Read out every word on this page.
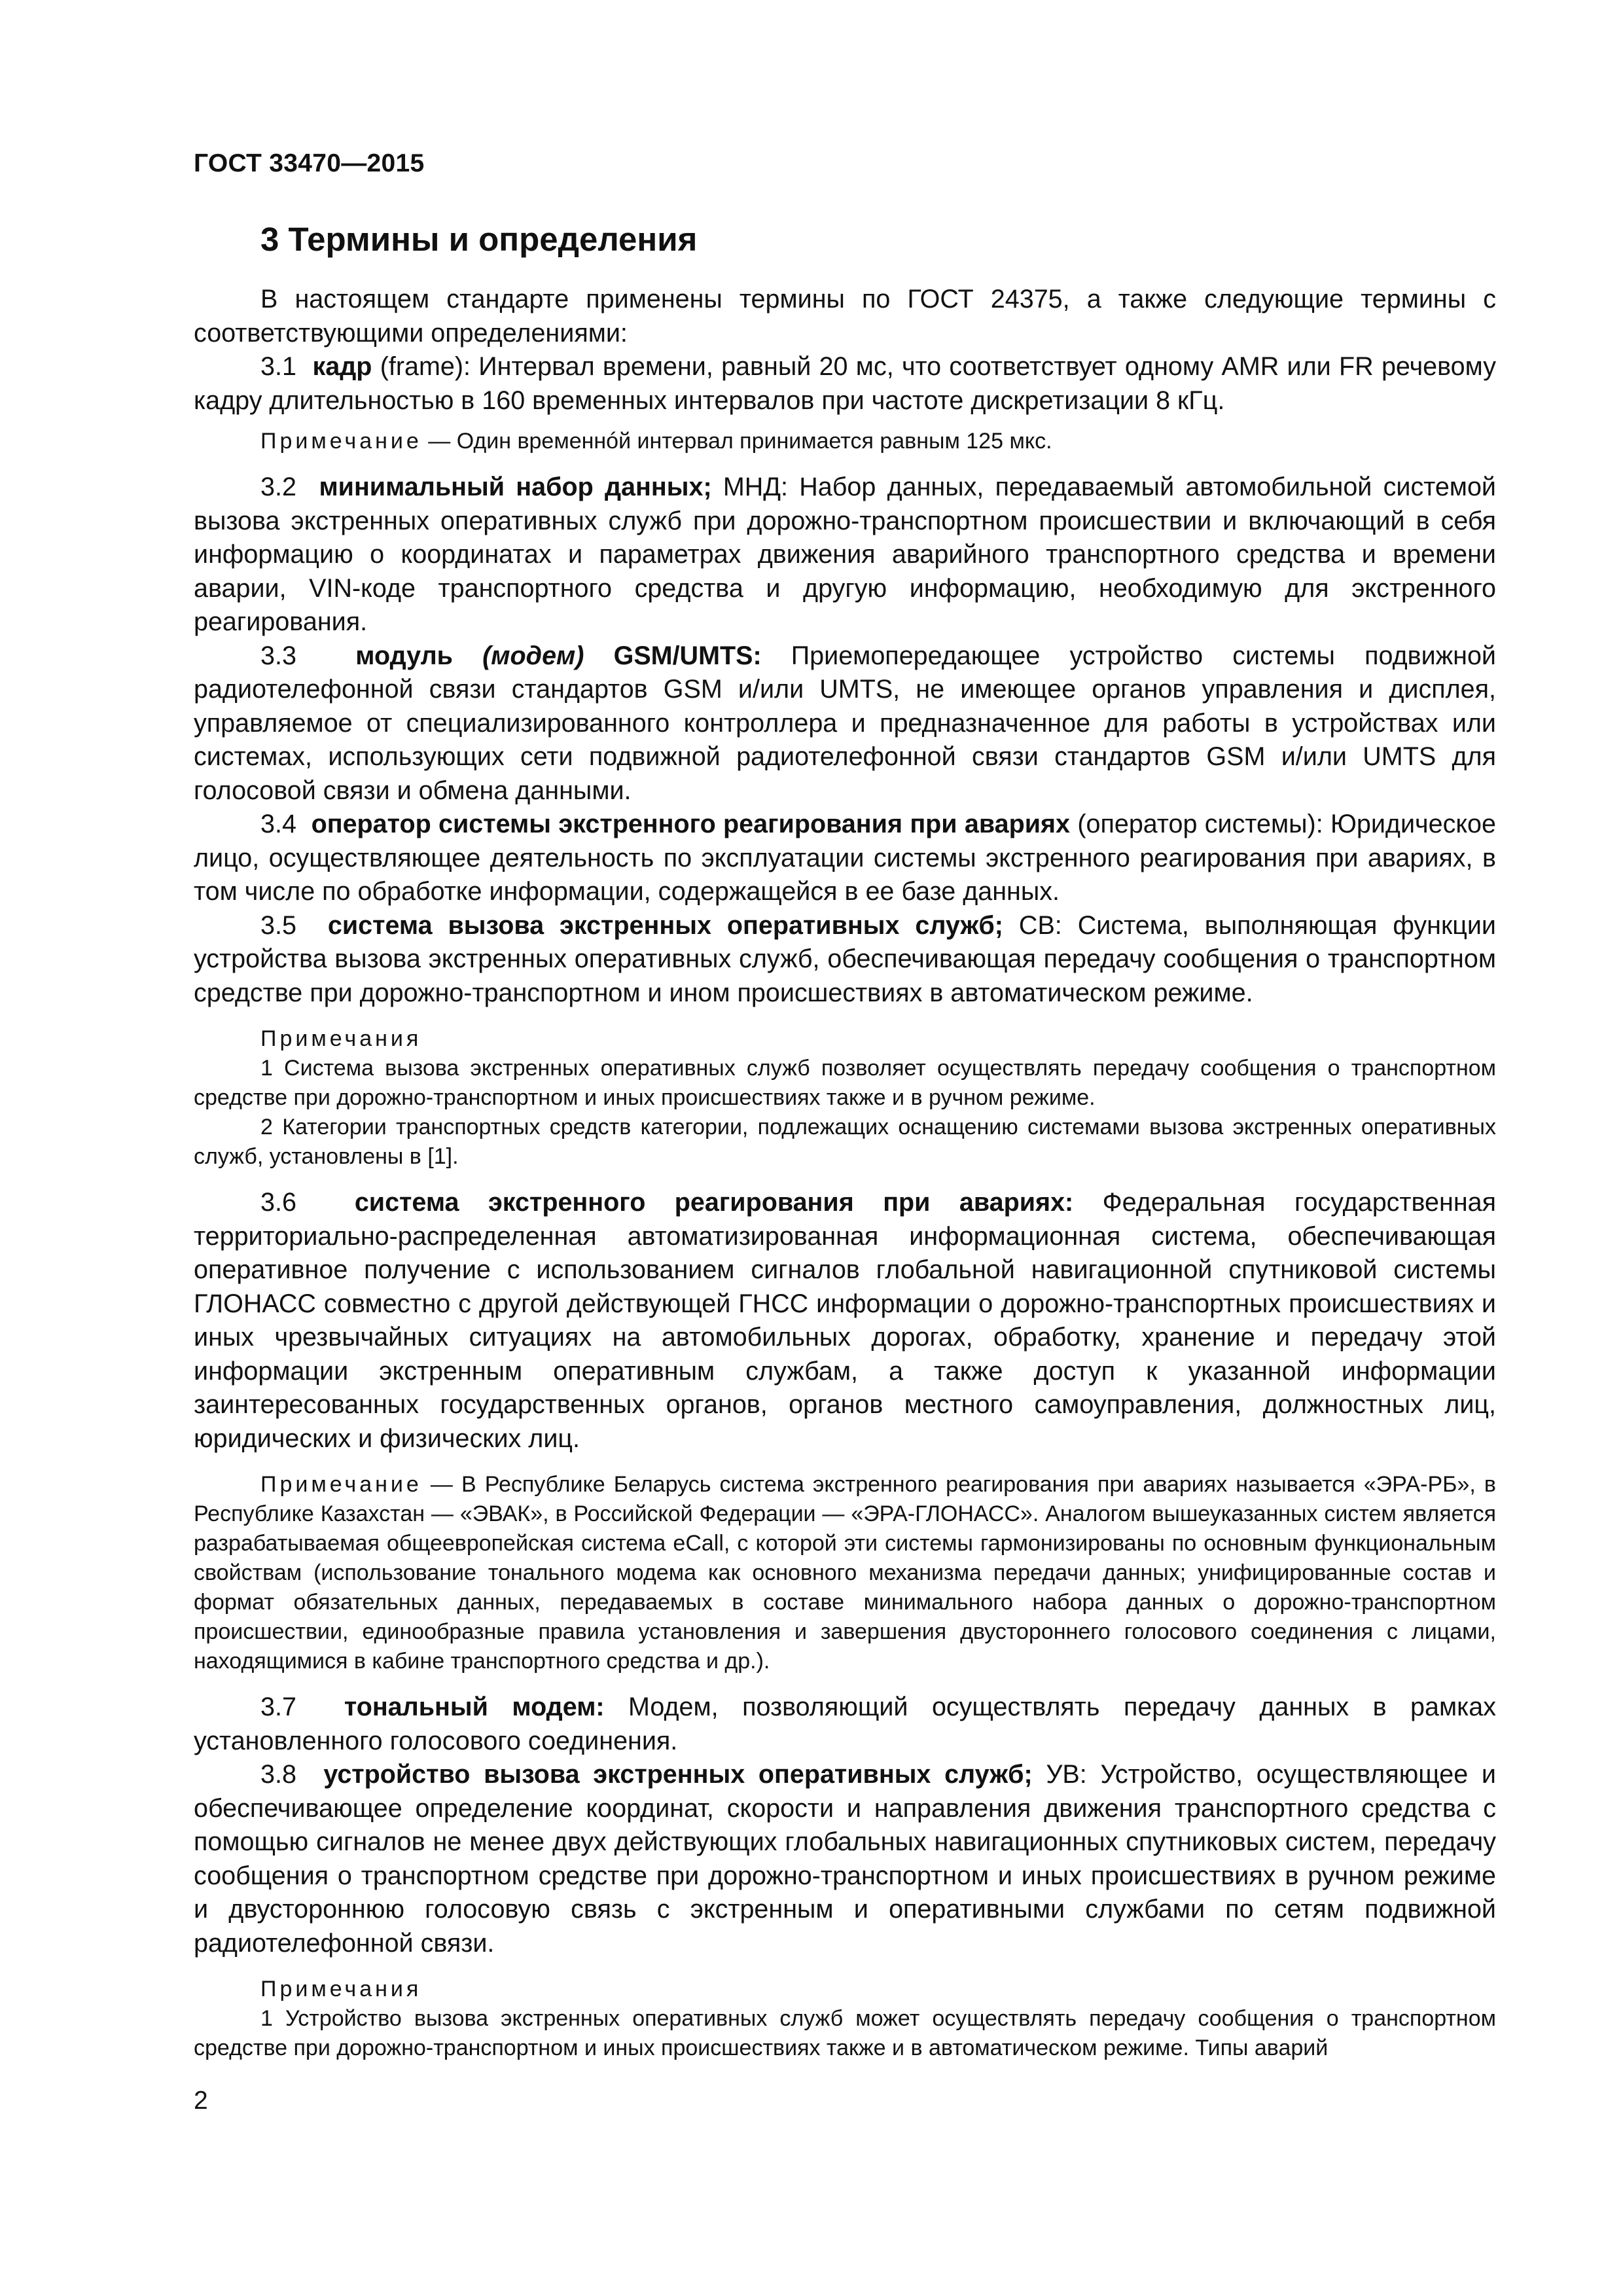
ГОСТ 33470—2015
3 Термины и определения

В настоящем стандарте применены термины по ГОСТ 24375, а также следующие термины с соответствующими определениями:

3.1 кадр (frame): Интервал времени, равный 20 мс, что соответствует одному AMR или FR речевому кадру длительностью в 160 временных интервалов при частоте дискретизации 8 кГц.

Примечание — Один временнóй интервал принимается равным 125 мкс.

3.2 минимальный набор данных; МНД: Набор данных, передаваемый автомобильной системой вызова экстренных оперативных служб при дорожно-транспортном происшествии и включающий в себя информацию о координатах и параметрах движения аварийного транспортного средства и времени аварии, VIN-коде транспортного средства и другую информацию, необходимую для экстренного реагирования.

3.3 модуль (модем) GSM/UMTS: Приемопередающее устройство системы подвижной радиотелефонной связи стандартов GSM и/или UMTS, не имеющее органов управления и дисплея, управляемое от специализированного контроллера и предназначенное для работы в устройствах или системах, использующих сети подвижной радиотелефонной связи стандартов GSM и/или UMTS для голосовой связи и обмена данными.

3.4 оператор системы экстренного реагирования при авариях (оператор системы): Юридическое лицо, осуществляющее деятельность по эксплуатации системы экстренного реагирования при авариях, в том числе по обработке информации, содержащейся в ее базе данных.

3.5 система вызова экстренных оперативных служб; СВ: Система, выполняющая функции устройства вызова экстренных оперативных служб, обеспечивающая передачу сообщения о транспортном средстве при дорожно-транспортном и ином происшествиях в автоматическом режиме.

Примечания

1 Система вызова экстренных оперативных служб позволяет осуществлять передачу сообщения о транспортном средстве при дорожно-транспортном и иных происшествиях также и в ручном режиме.

2 Категории транспортных средств категории, подлежащих оснащению системами вызова экстренных оперативных служб, установлены в [1].

3.6 система экстренного реагирования при авариях: Федеральная государственная территориально-распределенная автоматизированная информационная система, обеспечивающая оперативное получение с использованием сигналов глобальной навигационной спутниковой системы ГЛОНАСС совместно с другой действующей ГНСС информации о дорожно-транспортных происшествиях и иных чрезвычайных ситуациях на автомобильных дорогах, обработку, хранение и передачу этой информации экстренным оперативным службам, а также доступ к указанной информации заинтересованных государственных органов, органов местного самоуправления, должностных лиц, юридических и физических лиц.

Примечание — В Республике Беларусь система экстренного реагирования при авариях называется «ЭРА-РБ», в Республике Казахстан — «ЭВАК», в Российской Федерации — «ЭРА-ГЛОНАСС». Аналогом вышеуказанных систем является разрабатываемая общеевропейская система eCall, с которой эти системы гармонизированы по основным функциональным свойствам (использование тонального модема как основного механизма передачи данных; унифицированные состав и формат обязательных данных, передаваемых в составе минимального набора данных о дорожно-транспортном происшествии, единообразные правила установления и завершения двустороннего голосового соединения с лицами, находящимися в кабине транспортного средства и др.).

3.7 тональный модем: Модем, позволяющий осуществлять передачу данных в рамках установленного голосового соединения.

3.8 устройство вызова экстренных оперативных служб; УВ: Устройство, осуществляющее и обеспечивающее определение координат, скорости и направления движения транспортного средства с помощью сигналов не менее двух действующих глобальных навигационных спутниковых систем, передачу сообщения о транспортном средстве при дорожно-транспортном и иных происшествиях в ручном режиме и двустороннюю голосовую связь с экстренным и оперативными службами по сетям подвижной радиотелефонной связи.

Примечания

1 Устройство вызова экстренных оперативных служб может осуществлять передачу сообщения о транспортном средстве при дорожно-транспортном и иных происшествиях также и в автоматическом режиме. Типы аварий

2
